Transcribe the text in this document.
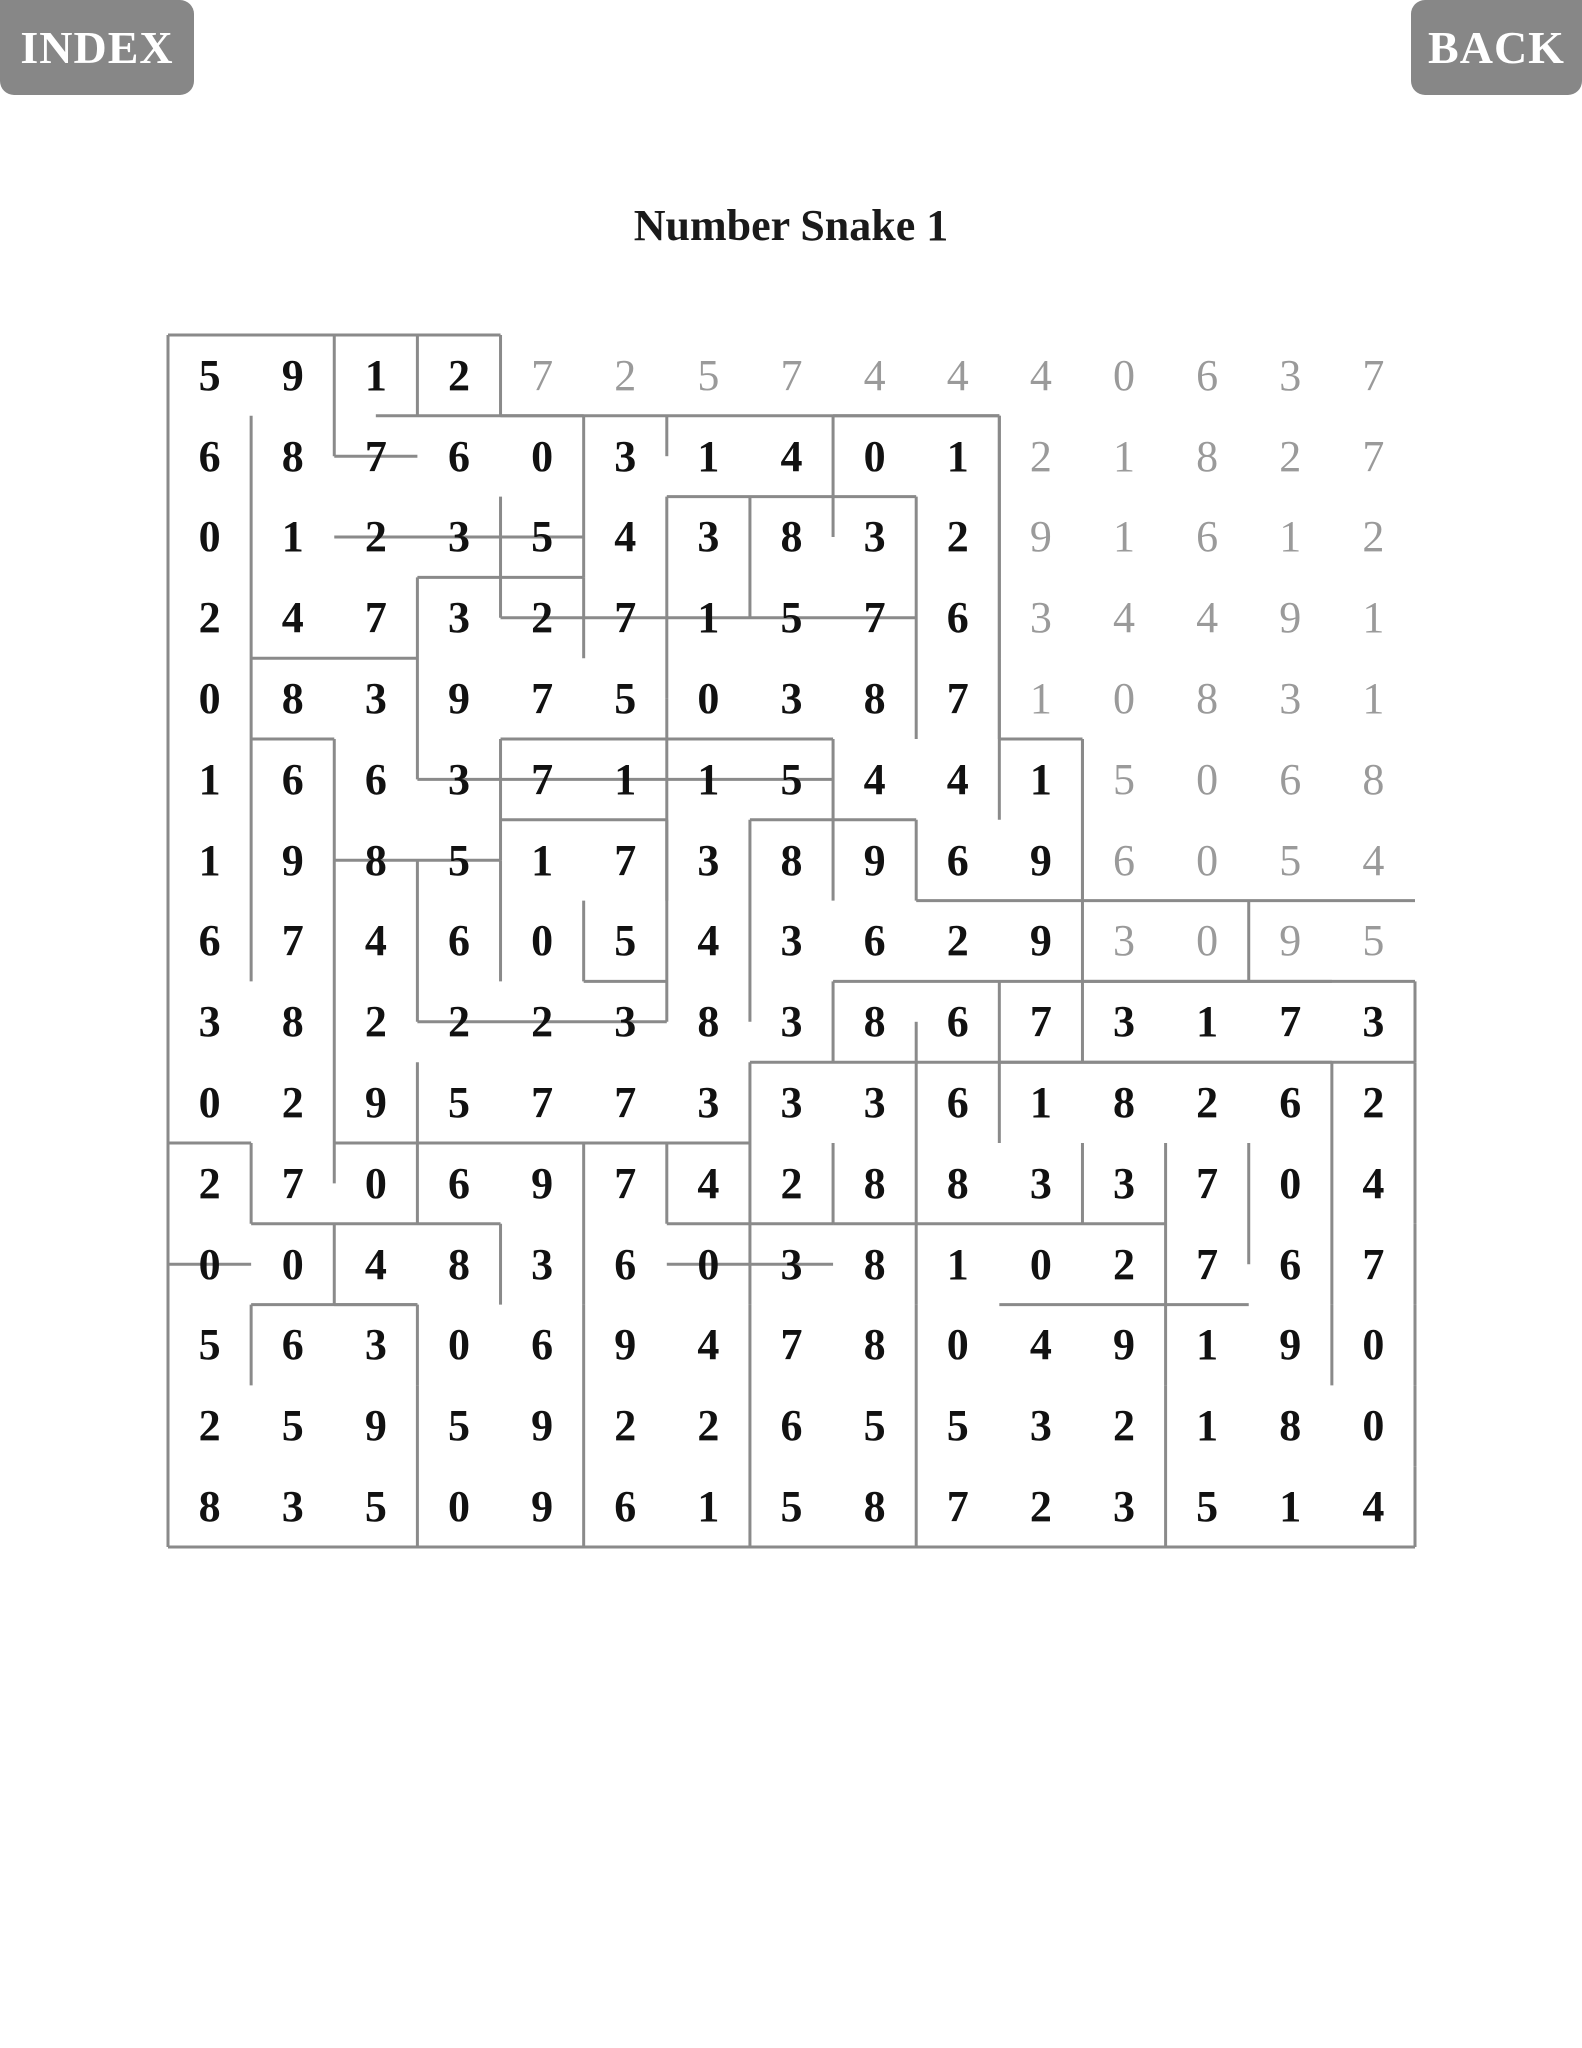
INDEX	BACK
Number Snake 1
5	9	1	2	7	2	5	7	4	4	4	0	6	3	7
6	8	7	6	0	3	1	4	0	1	2	1	8	2	7
0	1	2	3	5	4	3	8	3	2	9	1	6	1	2
2	4	7	3	2	7	1	5	7	6	3	4	4	9	1
0	8	3	9	7	5	0	3	8	7	1	0	8	3	1
1	6	6	3	7	1	1	5	4	4	1	5	0	6	8
1	9	8	5	1	7	3	8	9	6	9	6	0	5	4
6	7	4	6	0	5	4	3	6	2	9	3	0	9	5
3	8	2	2	2	3	8	3	8	6	7	3	1	7	3
0	2	9	5	7	7	3	3	3	6	1	8	2	6	2
2	7	0	6	9	7	4	2	8	8	3	3	7	0	4
0	0	4	8	3	6	0	3	8	1	0	2	7	6	7
5	6	3	0	6	9	4	7	8	0	4	9	1	9	0
2	5	9	5	9	2	2	6	5	5	3	2	1	8	0
8	3	5	0	9	6	1	5	8	7	2	3	5	1	4
